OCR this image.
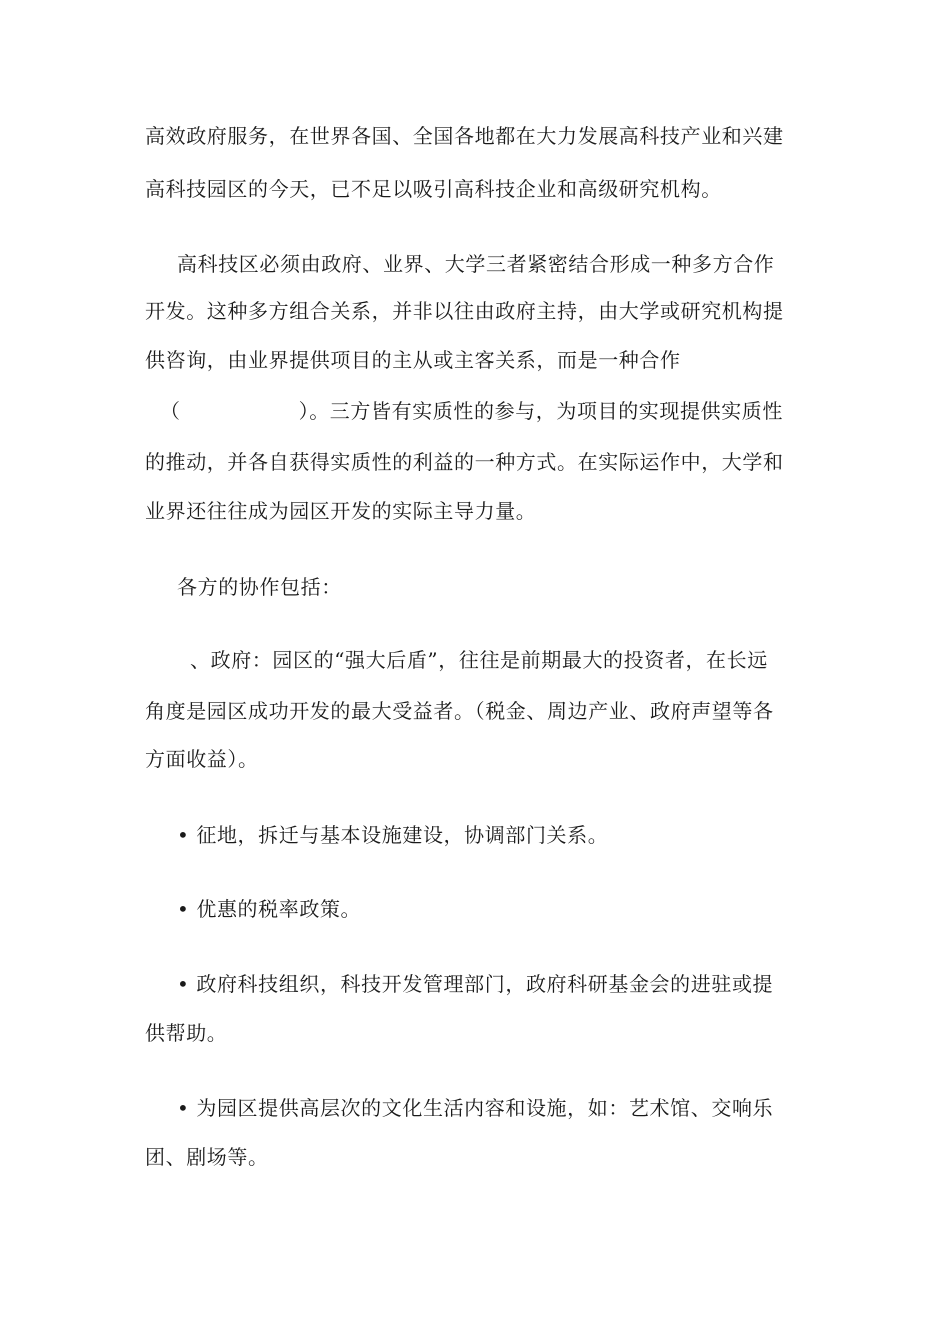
高效政府服务，在世界各国、全国各地都在大力发展高科技产业和兴建
高科技园区的今天，已不足以吸引高科技企业和高级研究机构。
高科技区必须由政府、业界、大学三者紧密结合形成一种多方合作
开发。这种多方组合关系，并非以往由政府主持，由大学或研究机构提
供咨询，由业界提供项目的主从或主客关系，而是一种合作
（	）。三方皆有实质性的参与，为项目的实现提供实质性
的推动，并各自获得实质性的利益的一种方式。在实际运作中，大学和
业界还往往成为园区开发的实际主导力量。
各方的协作包括：
、政府：园区的“强大后盾”，往往是前期最大的投资者，在长远
角度是园区成功开发的最大受益者。（税金、周边产业、政府声望等各
方面收益）。
• 征地，拆迁与基本设施建设，协调部门关系。
• 优惠的税率政策。
• 政府科技组织，科技开发管理部门，政府科研基金会的进驻或提
供帮助。
• 为园区提供高层次的文化生活内容和设施，如：艺术馆、交响乐
团、剧场等。
